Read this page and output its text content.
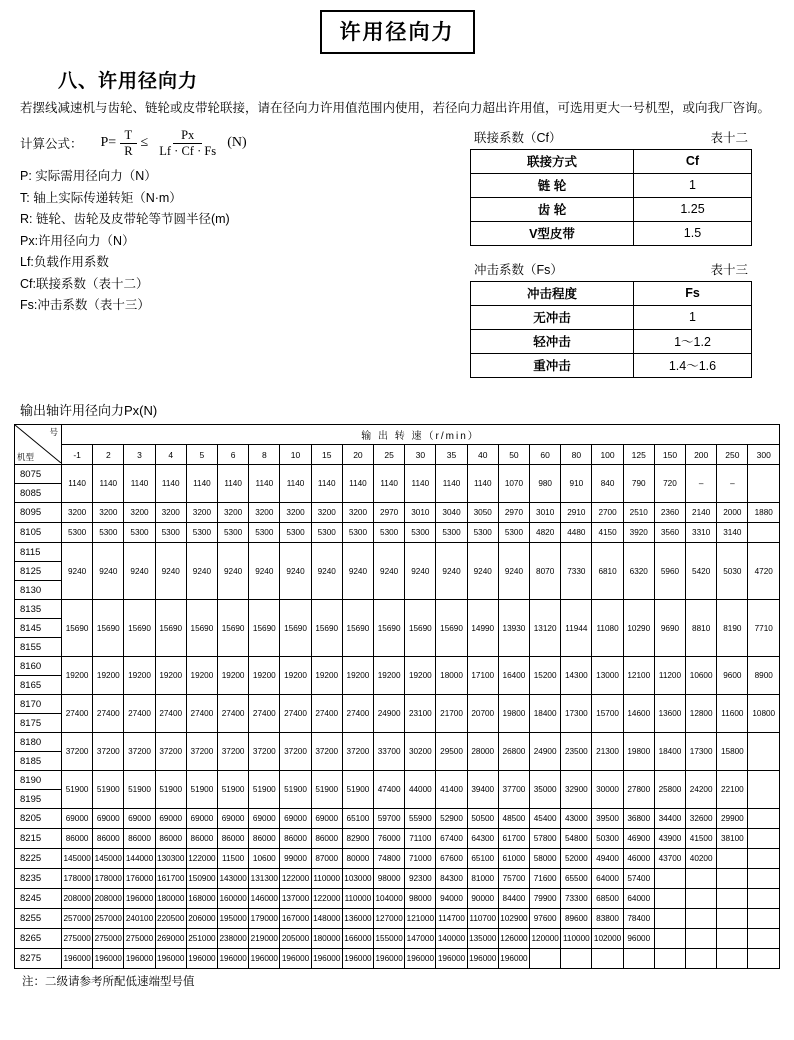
许用径向力
八、许用径向力
若摆线减速机与齿轮、链轮或皮带轮联接，请在径向力许用值范围内使用，若径向力超出许用值，可选用更大一号机型，或向我厂咨询。
计算公式： $P= \frac{T}{R} \le \frac{Px}{Lf \cdot Cf \cdot Fs} (N)$
P: 实际需用径向力（N）
T: 轴上实际传递转矩（N·m）
R: 链轮、齿轮及皮带轮等节圆半径(m)
Px:许用径向力（N）
Lf:负载作用系数
Cf:联接系数（表十二）
Fs:冲击系数（表十三）
联接系数（Cf）	表十二
联接方式	Cf
链 轮	1
齿 轮	1.25
V型皮带	1.5
冲击系数（Fs）	表十三
冲击程度	Fs
无冲击	1
轻冲击	1～1.2
重冲击	1.4～1.6
输出轴许用径向力Px(N)
号
机型	输 出 转 速（r/min）																						
	-1	2	3	4	5	6	8	10	15	20	25	30	35	40	50	60	80	100	125	150	200	250	300
8075	1140	1140	1140	1140	1140	1140	1140	1140	1140	1140	1140	1140	1140	1140	1070	980	910	840	790	720	–	–	
8085																							
8095	3200	3200	3200	3200	3200	3200	3200	3200	3200	3200	2970	3010	3040	3050	2970	3010	2910	2700	2510	2360	2140	2000	1880
8105	5300	5300	5300	5300	5300	5300	5300	5300	5300	5300	5300	5300	5300	5300	5300	4820	4480	4150	3920	3560	3310	3140	
8115	9240	9240	9240	9240	9240	9240	9240	9240	9240	9240	9240	9240	9240	9240	9240	8070	7330	6810	6320	5960	5420	5030	4720
8125																							
8130																							
8135	15690	15690	15690	15690	15690	15690	15690	15690	15690	15690	15690	15690	15690	14990	13930	13120	11944	11080	10290	9690	8810	8190	7710
8145																							
8155																							
8160	19200	19200	19200	19200	19200	19200	19200	19200	19200	19200	19200	19200	18000	17100	16400	15200	14300	13000	12100	11200	10600	9600	8900
8165																							
8170	27400	27400	27400	27400	27400	27400	27400	27400	27400	27400	24900	23100	21700	20700	19800	18400	17300	15700	14600	13600	12800	11600	10800
8175																							
8180	37200	37200	37200	37200	37200	37200	37200	37200	37200	37200	33700	30200	29500	28000	26800	24900	23500	21300	19800	18400	17300	15800	
8185																							
8190	51900	51900	51900	51900	51900	51900	51900	51900	51900	51900	47400	44000	41400	39400	37700	35000	32900	30000	27800	25800	24200	22100	
8195																							
8205	69000	69000	69000	69000	69000	69000	69000	69000	69000	65100	59700	55900	52900	50500	48500	45400	43000	39500	36800	34400	32600	29900	
8215	86000	86000	86000	86000	86000	86000	86000	86000	86000	82900	76000	71100	67400	64300	61700	57800	54800	50300	46900	43900	41500	38100	
8225	145000	145000	144000	130300	122000	11500	10600	99000	87000	80000	74800	71000	67600	65100	61000	58000	52000	49400	46000	43700	40200		
8235	178000	178000	176000	161700	150900	143000	131300	122000	110000	103000	98000	92300	84300	81000	75700	71600	65500	64000	57400				
8245	208000	208000	196000	180000	168000	160000	146000	137000	122000	110000	104000	98000	94000	90000	84400	79900	73300	68500	64000				
8255	257000	257000	240100	220500	206000	195000	179000	167000	148000	136000	127000	121000	114700	110700	102900	97600	89600	83800	78400				
8265	275000	275000	275000	269000	251000	238000	219000	205000	180000	166000	155000	147000	140000	135000	126000	120000	110000	102000	96000				
8275	196000	196000	196000	196000	196000	196000	196000	196000	196000	196000	196000	196000	196000	196000	196000								
注：二级请参考所配低速端型号值
